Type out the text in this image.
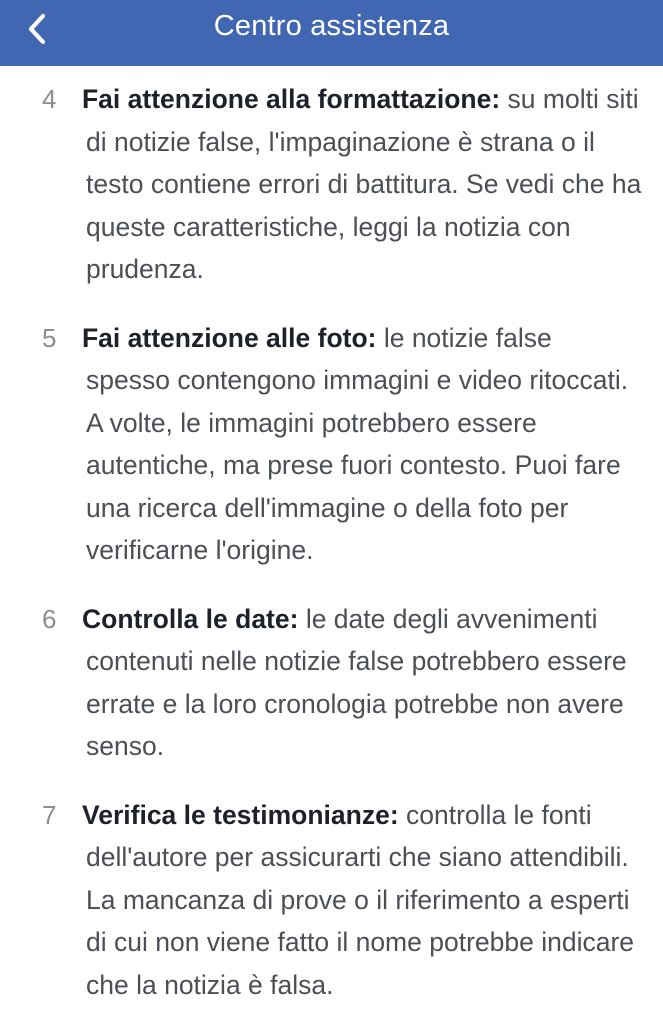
Centro assistenza
4 Fai attenzione alla formattazione: su molti siti di notizie false, l'impaginazione è strana o il testo contiene errori di battitura. Se vedi che ha queste caratteristiche, leggi la notizia con prudenza.

5 Fai attenzione alle foto: le notizie false spesso contengono immagini e video ritoccati. A volte, le immagini potrebbero essere autentiche, ma prese fuori contesto. Puoi fare una ricerca dell'immagine o della foto per verificarne l'origine.

6 Controlla le date: le date degli avvenimenti contenuti nelle notizie false potrebbero essere errate e la loro cronologia potrebbe non avere senso.

7 Verifica le testimonianze: controlla le fonti dell'autore per assicurarti che siano attendibili. La mancanza di prove o il riferimento a esperti di cui non viene fatto il nome potrebbe indicare che la notizia è falsa.
